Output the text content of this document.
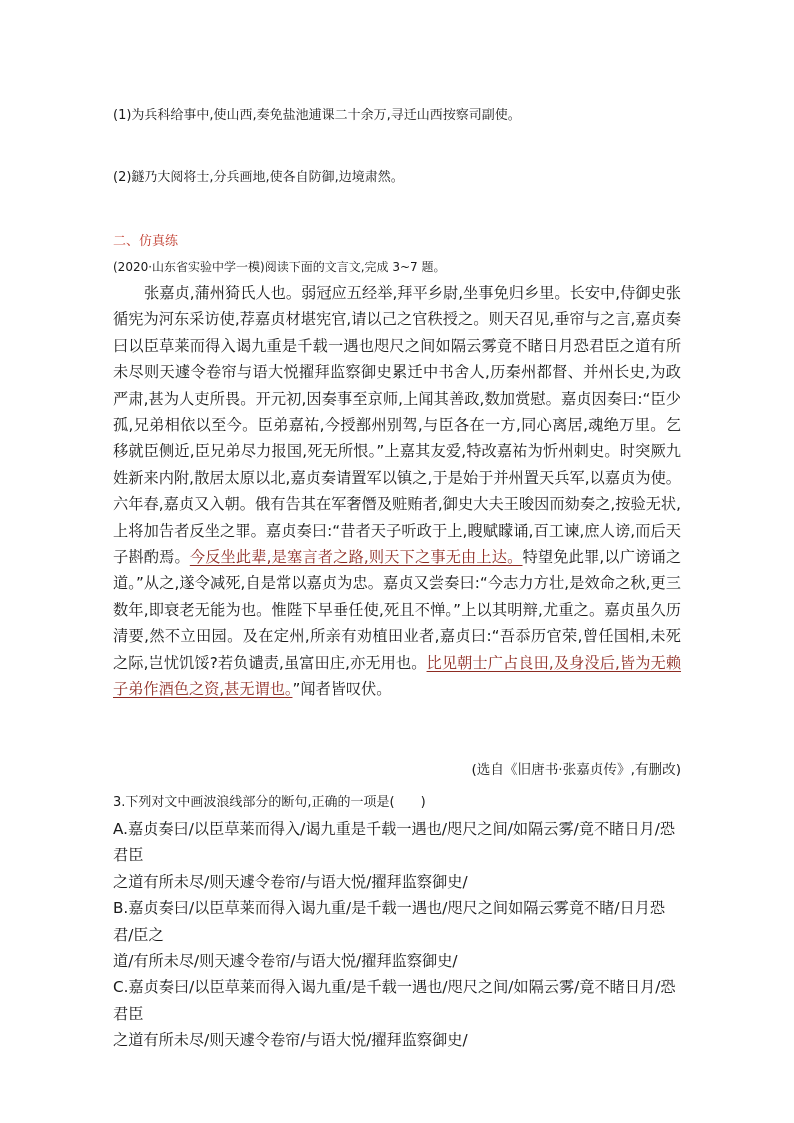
(1)为兵科给事中,使山西,奏免盐池逋课二十余万,寻迁山西按察司副使。
(2)鐩乃大阅将士,分兵画地,使各自防御,边境肃然。
二、仿真练
(2020·山东省实验中学一模)阅读下面的文言文,完成 3~7 题。

张嘉贞,蒲州猗氏人也。弱冠应五经举,拜平乡尉,坐事免归乡里。长安中,侍御史张循宪为河东采访使,荐嘉贞材堪宪官,请以己之官秩授之。则天召见,垂帘与之言,嘉贞奏曰以臣草莱而得入谒九重是千载一遇也咫尺之间如隔云雾竟不睹日月恐君臣之道有所未尽则天遽令卷帘与语大悦擢拜监察御史累迁中书舍人,历秦州都督、并州长史,为政严肃,甚为人吏所畏。开元初,因奏事至京师,上闻其善政,数加赏慰。嘉贞因奏曰:“臣少孤,兄弟相依以至今。臣弟嘉祐,今授鄯州别驾,与臣各在一方,同心离居,魂绝万里。乞移就臣侧近,臣兄弟尽力报国,死无所恨。”上嘉其友爱,特改嘉祐为忻州刺史。时突厥九姓新来内附,散居太原以北,嘉贞奏请置军以镇之,于是始于并州置天兵军,以嘉贞为使。六年春,嘉贞又入朝。俄有告其在军奢僭及赃贿者,御史大夫王晙因而劾奏之,按验无状,上将加告者反坐之罪。嘉贞奏曰:“昔者天子听政于上,瞍赋矇诵,百工谏,庶人谤,而后天子斟酌焉。今反坐此辈,是塞言者之路,则天下之事无由上达。特望免此罪,以广谤诵之道。”从之,遂令减死,自是常以嘉贞为忠。嘉贞又尝奏曰:“今志力方壮,是效命之秋,更三数年,即衰老无能为也。惟陛下早垂任使,死且不惮。”上以其明辩,尤重之。嘉贞虽久历清要,然不立田园。及在定州,所亲有劝植田业者,嘉贞曰:“吾忝历官荣,曾任国相,未死之际,岂忧饥馁?若负谴责,虽富田庄,亦无用也。比见朝士广占良田,及身没后,皆为无赖子弟作酒色之资,甚无谓也。”闻者皆叹伏。

(选自《旧唐书·张嘉贞传》,有删改)
3.下列对文中画波浪线部分的断句,正确的一项是(　　)

A.嘉贞奏曰/以臣草莱而得入/谒九重是千载一遇也/咫尺之间/如隔云雾/竟不睹日月/恐君臣

之道有所未尽/则天遽令卷帘/与语大悦/擢拜监察御史/

B.嘉贞奏曰/以臣草莱而得入谒九重/是千载一遇也/咫尺之间如隔云雾竟不睹/日月恐君/臣之

道/有所未尽/则天遽令卷帘/与语大悦/擢拜监察御史/

C.嘉贞奏曰/以臣草莱而得入谒九重/是千载一遇也/咫尺之间/如隔云雾/竟不睹日月/恐君臣

之道有所未尽/则天遽令卷帘/与语大悦/擢拜监察御史/
